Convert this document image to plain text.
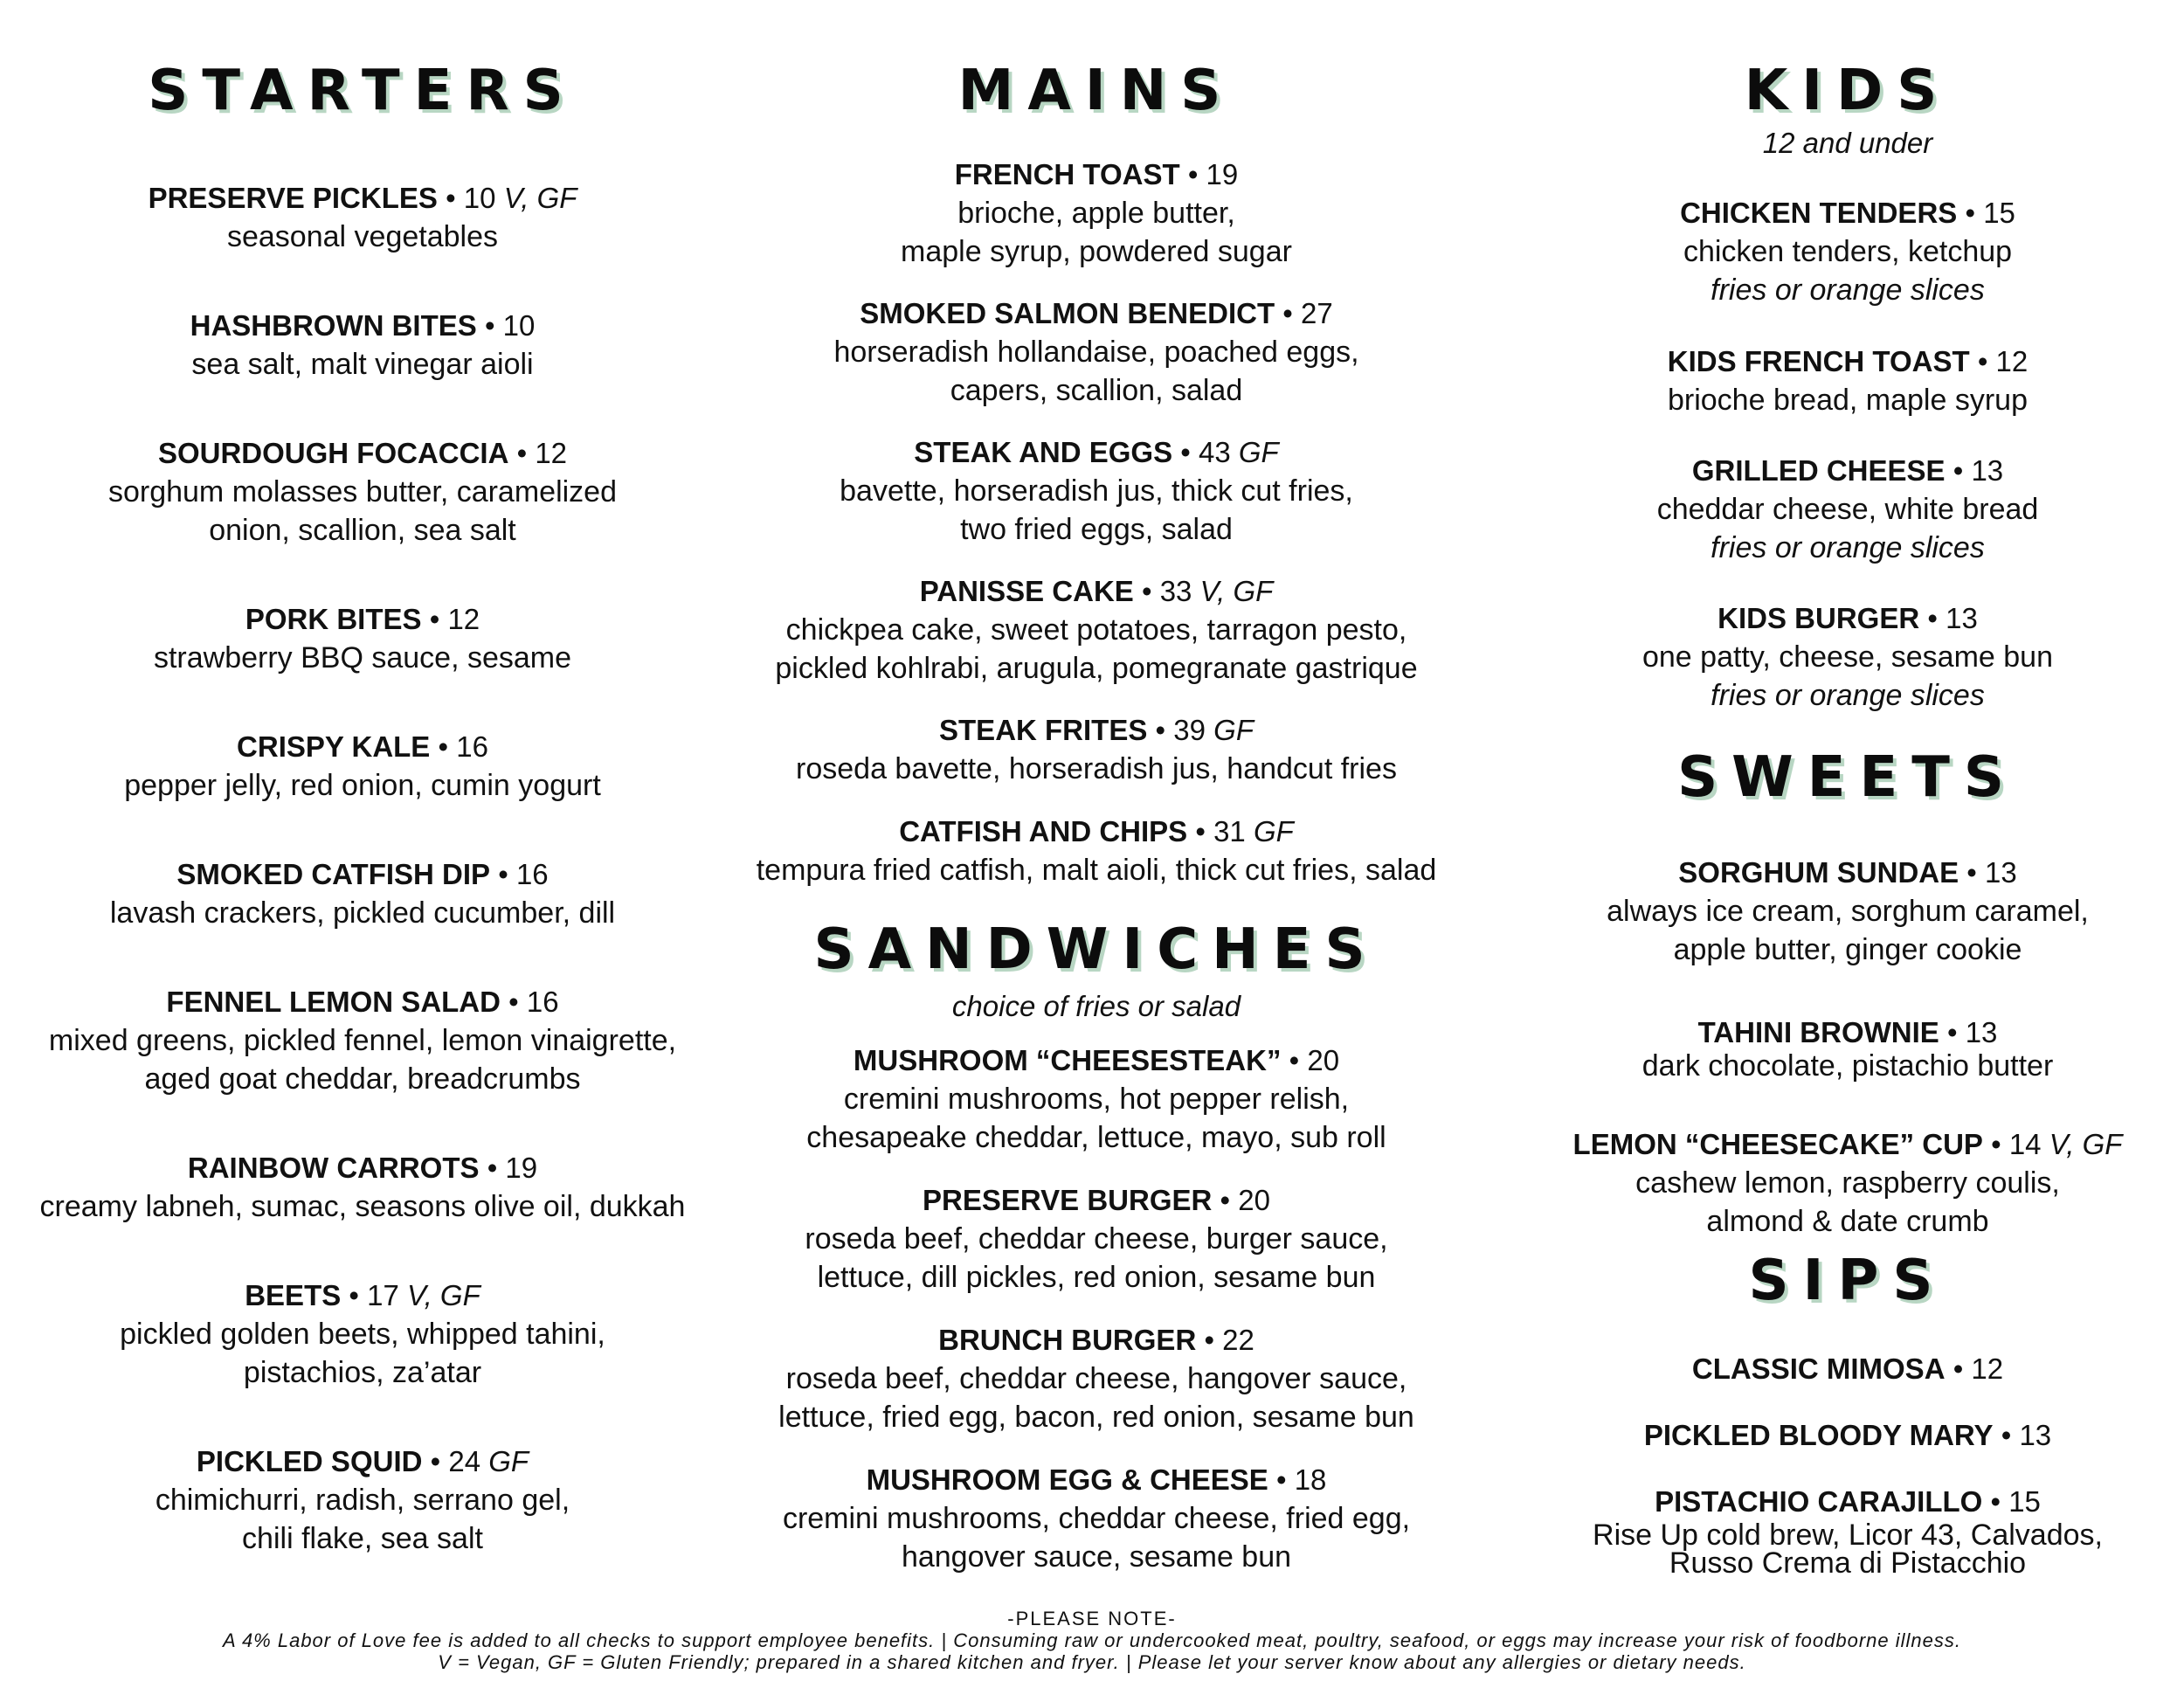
STARTERS
PRESERVE PICKLES • 10 V, GF
seasonal vegetables
HASHBROWN BITES • 10
sea salt, malt vinegar aioli
SOURDOUGH FOCACCIA • 12
sorghum molasses butter, caramelized
onion, scallion, sea salt
PORK BITES • 12
strawberry BBQ sauce, sesame
CRISPY KALE • 16
pepper jelly, red onion, cumin yogurt
SMOKED CATFISH DIP • 16
lavash crackers, pickled cucumber, dill
FENNEL LEMON SALAD • 16
mixed greens, pickled fennel, lemon vinaigrette,
aged goat cheddar, breadcrumbs
RAINBOW CARROTS • 19
creamy labneh, sumac, seasons olive oil, dukkah
BEETS • 17 V, GF
pickled golden beets, whipped tahini,
pistachios, za’atar
PICKLED SQUID • 24 GF
chimichurri, radish, serrano gel,
chili flake, sea salt
MAINS
FRENCH TOAST • 19
brioche, apple butter,
maple syrup, powdered sugar
SMOKED SALMON BENEDICT • 27
horseradish hollandaise, poached eggs,
capers, scallion, salad
STEAK AND EGGS • 43 GF
bavette, horseradish jus, thick cut fries,
two fried eggs, salad
PANISSE CAKE • 33 V, GF
chickpea cake, sweet potatoes, tarragon pesto,
pickled kohlrabi, arugula, pomegranate gastrique
STEAK FRITES • 39 GF
roseda bavette, horseradish jus, handcut fries
CATFISH AND CHIPS • 31 GF
tempura fried catfish, malt aioli, thick cut fries, salad
SANDWICHES
choice of fries or salad
MUSHROOM “CHEESESTEAK” • 20
cremini mushrooms, hot pepper relish,
chesapeake cheddar, lettuce, mayo, sub roll
PRESERVE BURGER • 20
roseda beef, cheddar cheese, burger sauce,
lettuce, dill pickles, red onion, sesame bun
BRUNCH BURGER • 22
roseda beef, cheddar cheese, hangover sauce,
lettuce, fried egg, bacon, red onion, sesame bun
MUSHROOM EGG & CHEESE • 18
cremini mushrooms, cheddar cheese, fried egg,
hangover sauce, sesame bun
KIDS
12 and under
CHICKEN TENDERS • 15
chicken tenders, ketchup
fries or orange slices
KIDS FRENCH TOAST • 12
brioche bread, maple syrup
GRILLED CHEESE • 13
cheddar cheese, white bread
fries or orange slices
KIDS BURGER • 13
one patty, cheese, sesame bun
fries or orange slices
SWEETS
SORGHUM SUNDAE • 13
always ice cream, sorghum caramel,
apple butter, ginger cookie
TAHINI BROWNIE • 13
dark chocolate, pistachio butter
LEMON “CHEESECAKE” CUP • 14 V, GF
cashew lemon, raspberry coulis,
almond & date crumb
SIPS
CLASSIC MIMOSA • 12
PICKLED BLOODY MARY • 13
PISTACHIO CARAJILLO • 15
Rise Up cold brew, Licor 43, Calvados,
Russo Crema di Pistacchio
-PLEASE NOTE-
A 4% Labor of Love fee is added to all checks to support employee benefits. | Consuming raw or undercooked meat, poultry, seafood, or eggs may increase your risk of foodborne illness.
V = Vegan, GF = Gluten Friendly; prepared in a shared kitchen and fryer. | Please let your server know about any allergies or dietary needs.
